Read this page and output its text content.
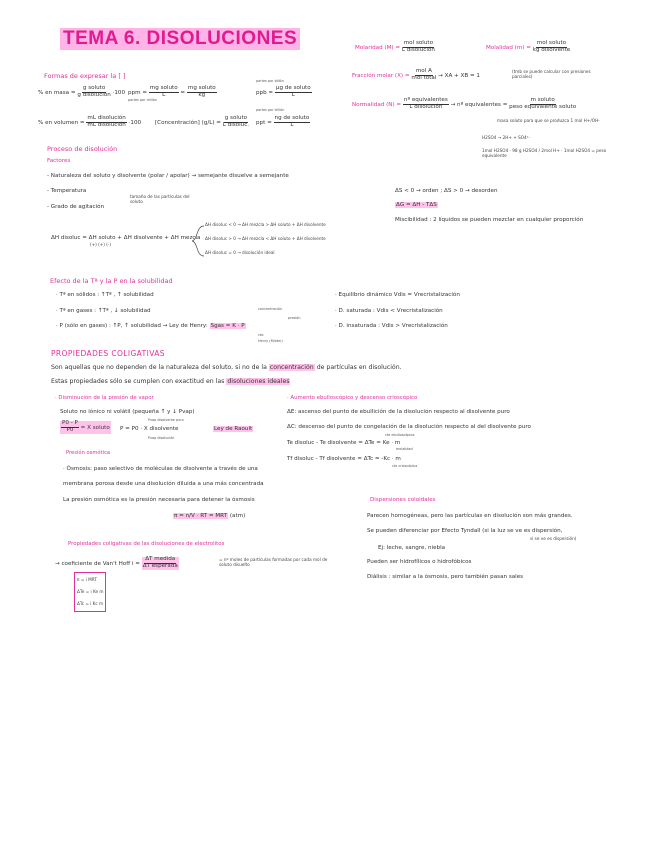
TEMA 6. DISOLUCIONES	Molaridad $(M) = \frac{\text{mol soluto}}{\text{L disolución}}$	Molalidad $(m) = \frac{\text{mol soluto}}{\text{kg disolvente}}$
Fracción molar $(X) = \frac{\text{mol A}}{\text{mol total}}$ → XA + XB = 1
(tmb se puede calcular con presiones parciales)
Normalidad $(N) = \frac{\text{nº equivalentes}}{\text{L disolución}}$ → nº equivalentes = $\frac{\text{m soluto}}{\text{peso equivalente soluto}}$
masa soluto para que se produzca 1 mol H+/OH-
H2SO4 → 2H+ + SO4²⁻
1mol H2SO4 · 98 g H2SO4 / 2mol H+ · 1mol H2SO4 = peso equivalente
Formas de expresar la [ ]
% en masa = $\frac{\text{g soluto}}{\text{g disolución}} \cdot 100$ ppm = $\frac{\text{mg soluto}}{L} = \frac{\text{mg soluto}}{kg}$
partes por millón
partes por billón
ppb = $\frac{\text{µg de soluto}}{L}$
% en volumen = $\frac{\text{mL disolución}}{\text{mL disolución}} \cdot 100$ [Concentración] $(g/L) = \frac{\text{g soluto}}{\text{L disoluc.}}$
partes por trillón
ppt = $\frac{\text{ng de soluto}}{L}$
Proceso de disolución
Factores
- Naturaleza del soluto y disolvente (polar / apolar) → semejante disuelve a semejante
- Temperatura
- Grado de agitación
tamaño de las partículas del soluto
ΔH disoluc = ΔH soluto + ΔH disolvente + ΔH mezcla
(+) (+) (-)
ΔH disoluc < 0 → ΔH mezcla > ΔH soluto + ΔH disolvente
ΔH disoluc > 0 → ΔH mezcla < ΔH soluto + ΔH disolvente
ΔH disoluc = 0 → disolución ideal
ΔS < 0 → orden ; ΔS > 0 → desorden
ΔG = ΔH - TΔS
Miscibilidad : 2 líquidos se pueden mezclar en cualquier proporción
Efecto de la Tª y la P en la solubilidad
· Tª en sólidos : ↑Tª , ↑ solubilidad
· Tª en gases : ↑Tª , ↓ solubilidad
· P (sólo en gases) : ↑P, ↑ solubilidad → Ley de Henry: Sgas = K · P
concentración
presión
cte.
Henry (M/atm)
· Equilibrio dinámico Vdis = Vrecristalización
· D. saturada : Vdis < Vrecristalización
· D. insaturada : Vdis > Vrecristalización
PROPIEDADES COLIGATIVAS
Son aquellas que no dependen de la naturaleza del soluto, si no de la concentración de partículas en disolución.
Estas propiedades sólo se cumplen con exactitud en las disoluciones ideales
· Disminución de la presión de vapor
Soluto no iónico ni volátil (pequeña ↑ y ↓ Pvap)
$\frac{P0 - P}{P0} = X$ soluto P = P0 · X disolvente
Pvap disolvente puro
Pvap disolución
Ley de Raoult
Presión osmótica
· Ósmosis: paso selectivo de moléculas de disolvente a través de una
membrana porosa desde una disolución diluida a una más concentrada
La presión osmótica es la presión necesaria para detener la ósmosis
π = n/V · RT = MRT (atm)
· Aumento ebulloscópico y descenso crioscópico
ΔE: ascenso del punto de ebullición de la disolución respecto al disolvente puro
ΔC: descenso del punto de congelación de la disolución respecto al del disolvente puro
Te disoluc - Te disolvente = ΔTe = Ke · m
cte ebulloscópica
molalidad
Tf disoluc - Tf disolvente = ΔTc = -Kc · m
cte crioscópica
Propiedades coligativas de las disoluciones de electrolitos
→ coeficiente de Van't Hoff $i = \frac{\text{ΔT medida}}{\text{ΔT esperada}}$	= nº moles de partículas formadas por cada mol de soluto disuelto
π = i MRT
ΔTe = i Ke m
ΔTc = i Kc m
Dispersiones coloidales
Parecen homogéneas, pero las partículas en disolución son más grandes.
Se pueden diferenciar por Efecto Tyndall (si la luz se ve es dispersión,
si se ve es dispersión)
Ej: leche, sangre, niebla
Pueden ser hidrofílicos o hidrofóbicos
Diálisis : similar a la ósmosis, pero también pasan sales
